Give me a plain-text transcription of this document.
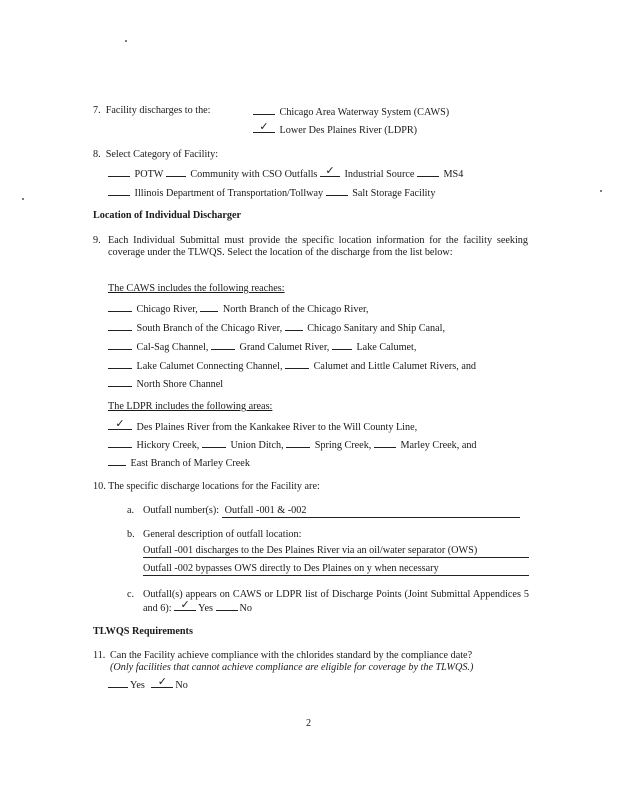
7. Facility discharges to the:	Chicago Area Waterway System (CAWS)
✓	Lower Des Plaines River (LDPR)
8. Select Category of Facility:
POTW	Community with CSO Outfalls ✓ Industrial Source	MS4
Illinois Department of Transportation/Tollway	Salt Storage Facility
Location of Individual Discharger
9. Each Individual Submittal must provide the specific location information for the facility seeking coverage under the TLWQS. Select the location of the discharge from the list below:
The CAWS includes the following reaches:
Chicago River, North Branch of the Chicago River,
South Branch of the Chicago River, Chicago Sanitary and Ship Canal,
Cal-Sag Channel,	Grand Calumet River,	Lake Calumet,
Lake Calumet Connecting Channel,	Calumet and Little Calumet Rivers, and
North Shore Channel
The LDPR includes the following areas:
✓	Des Plaines River from the Kankakee River to the Will County Line,
Hickory Creek,	Union Ditch,	Spring Creek,	Marley Creek, and
East Branch of Marley Creek
10. The specific discharge locations for the Facility are:
a. Outfall number(s): Outfall -001 & -002
b. General description of outfall location:
Outfall -001 discharges to the Des Plaines River via an oil/water separator (OWS)
Outfall -002 bypasses OWS directly to Des Plaines on y when necessary
c. Outfall(s) appears on CAWS or LDPR list of Discharge Points (Joint Submittal Appendices 5 and 6): ✓ Yes	No
TLWQS Requirements
11. Can the Facility achieve compliance with the chlorides standard by the compliance date?
(Only facilities that cannot achieve compliance are eligible for coverage by the TLWQS.)
Yes	✓ No
2
